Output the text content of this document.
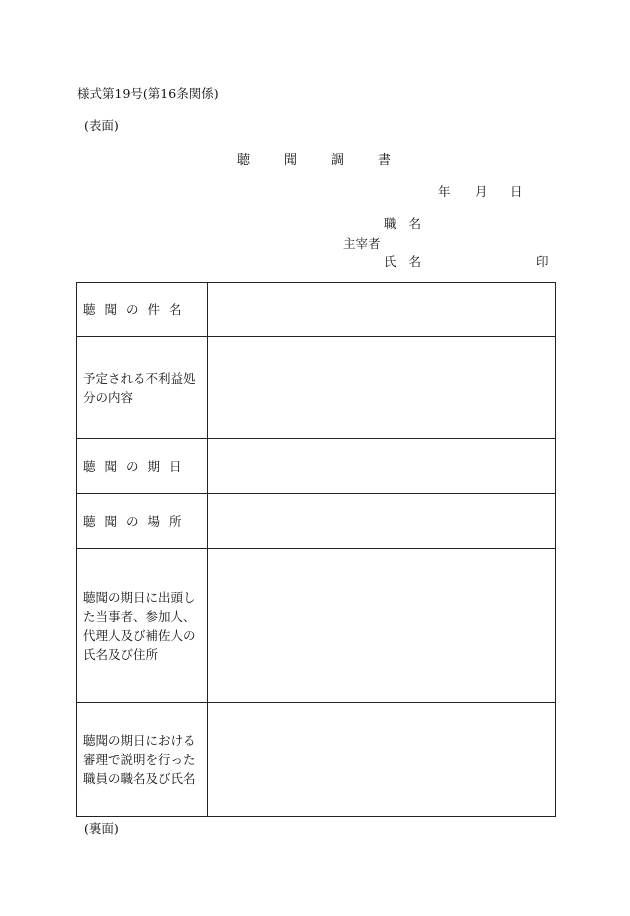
様式第19号(第16条関係)
(表面)
聴聞調書
年 月 日
職名
主宰者
氏名	印
聴聞の件名	
予定される不利益処分の内容	
聴聞の期日	
聴聞の場所	
聴聞の期日に出頭した当事者、参加人、代理人及び補佐人の氏名及び住所	
聴聞の期日における審理で説明を行った職員の職名及び氏名	
(裏面)
